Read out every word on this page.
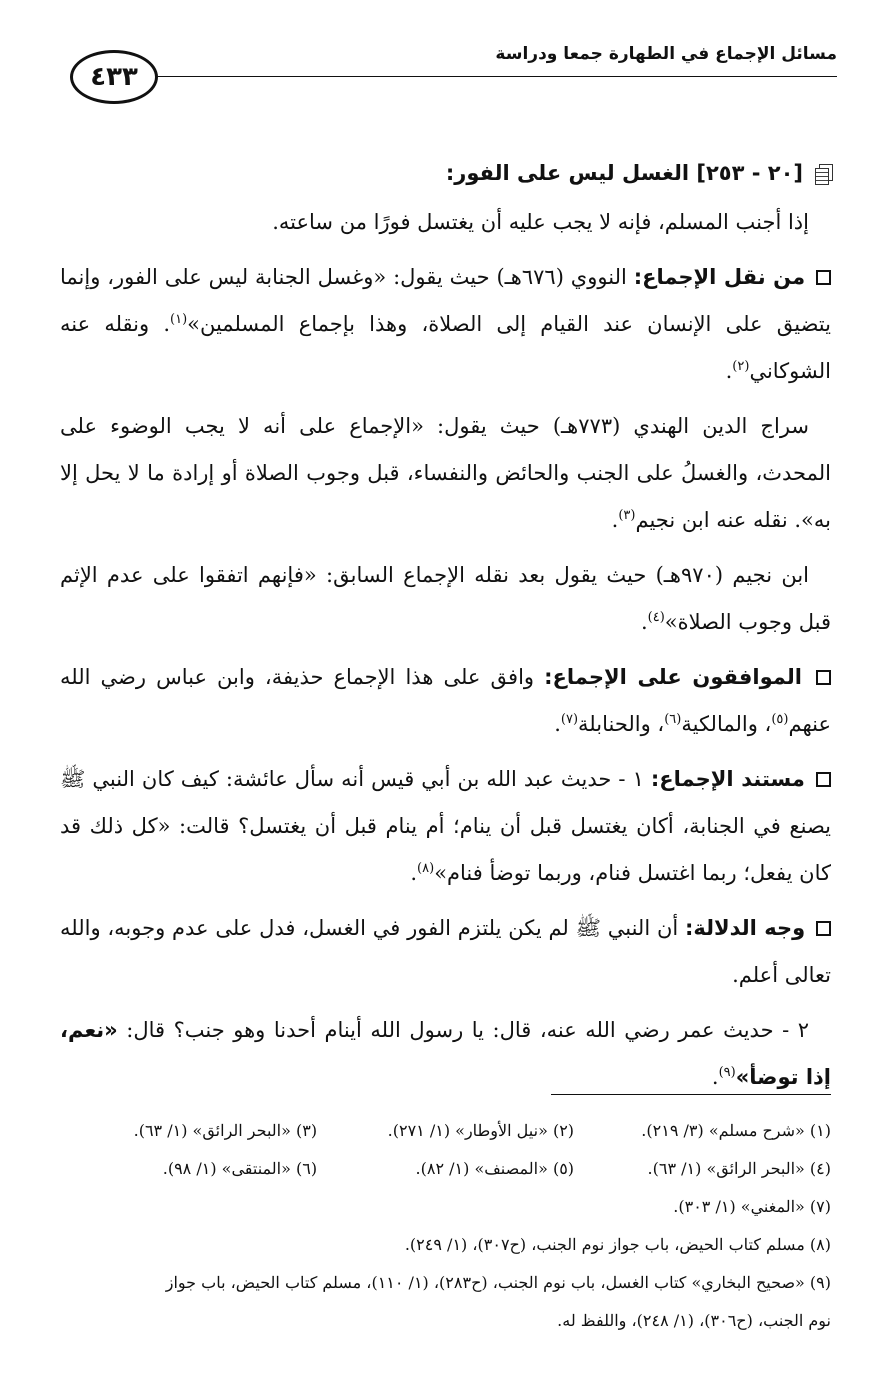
٤٣٣
مسائل الإجماع في الطهارة جمعا ودراسة
[٢٠ - ٢٥٣] الغسل ليس على الفور:

إذا أجنب المسلم، فإنه لا يجب عليه أن يغتسل فورًا من ساعته.

من نقل الإجماع: النووي (٦٧٦هـ) حيث يقول: «وغسل الجنابة ليس على الفور، وإنما يتضيق على الإنسان عند القيام إلى الصلاة، وهذا بإجماع المسلمين»$^{(١)}$. ونقله عنه الشوكاني$^{(٢)}$.

سراج الدين الهندي (٧٧٣هـ) حيث يقول: «الإجماع على أنه لا يجب الوضوء على المحدث، والغسلُ على الجنب والحائض والنفساء، قبل وجوب الصلاة أو إرادة ما لا يحل إلا به». نقله عنه ابن نجيم$^{(٣)}$.

ابن نجيم (٩٧٠هـ) حيث يقول بعد نقله الإجماع السابق: «فإنهم اتفقوا على عدم الإثم قبل وجوب الصلاة»$^{(٤)}$.

الموافقون على الإجماع: وافق على هذا الإجماع حذيفة، وابن عباس رضي الله عنهم$^{(٥)}$، والمالكية$^{(٦)}$، والحنابلة$^{(٧)}$.

مستند الإجماع: ١ - حديث عبد الله بن أبي قيس أنه سأل عائشة: كيف كان النبي ﷺ يصنع في الجنابة، أكان يغتسل قبل أن ينام؛ أم ينام قبل أن يغتسل؟ قالت: «كل ذلك قد كان يفعل؛ ربما اغتسل فنام، وربما توضأ فنام»$^{(٨)}$.

وجه الدلالة: أن النبي ﷺ لم يكن يلتزم الفور في الغسل، فدل على عدم وجوبه، والله تعالى أعلم.

٢ - حديث عمر رضي الله عنه، قال: يا رسول الله أينام أحدنا وهو جنب؟ قال: «نعم، إذا توضأ»$^{(٩)}$.

(١) «شرح مسلم» (٣/ ٢١٩).
(٢) «نيل الأوطار» (١/ ٢٧١).
(٣) «البحر الرائق» (١/ ٦٣).
(٤) «البحر الرائق» (١/ ٦٣).
(٥) «المصنف» (١/ ٨٢).
(٦) «المنتقى» (١/ ٩٨).
(٧) «المغني» (١/ ٣٠٣).
(٨) مسلم كتاب الحيض، باب جواز نوم الجنب، (ح٣٠٧)، (١/ ٢٤٩).
(٩) «صحيح البخاري» كتاب الغسل، باب نوم الجنب، (ح٢٨٣)، (١/ ١١٠)، مسلم كتاب الحيض، باب جواز
نوم الجنب، (ح٣٠٦)، (١/ ٢٤٨)، واللفظ له.
